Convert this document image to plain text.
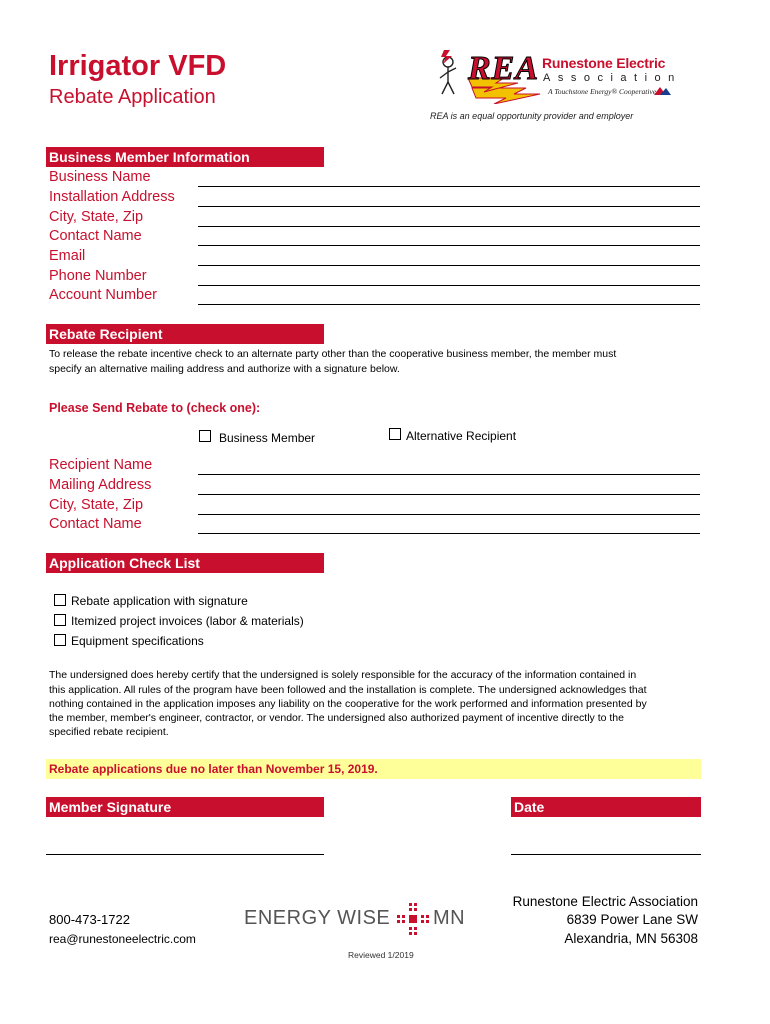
Irrigator VFD
Rebate Application
REA Runestone Electric
Association
A Touchstone Energy® Cooperative
REA is an equal opportunity provider and employer
Business Member Information
Business Name
Installation Address
City, State, Zip
Contact Name
Email
Phone Number
Account Number
Rebate Recipient
To release the rebate incentive check to an alternate party other than the cooperative business member, the member must
specify an alternative mailing address and authorize with a signature below.
Please Send Rebate to (check one):
Business Member	Alternative Recipient
Recipient Name
Mailing Address
City, State, Zip
Contact Name
Application Check List
Rebate application with signature
Itemized project invoices (labor & materials)
Equipment specifications
The undersigned does hereby certify that the undersigned is solely responsible for the accuracy of the information contained in
this application. All rules of the program have been followed and the installation is complete. The undersigned acknowledges that
nothing contained in the application imposes any liability on the cooperative for the work performed and information presented by
the member, member's engineer, contractor, or vendor. The undersigned also authorized payment of incentive directly to the
specified rebate recipient.
Rebate applications due no later than November 15, 2019.
Member Signature	Date
800-473-1722
rea@runestoneelectric.com
ENERGY WISE MN
Runestone Electric Association
6839 Power Lane SW
Alexandria, MN 56308
Reviewed 1/2019
